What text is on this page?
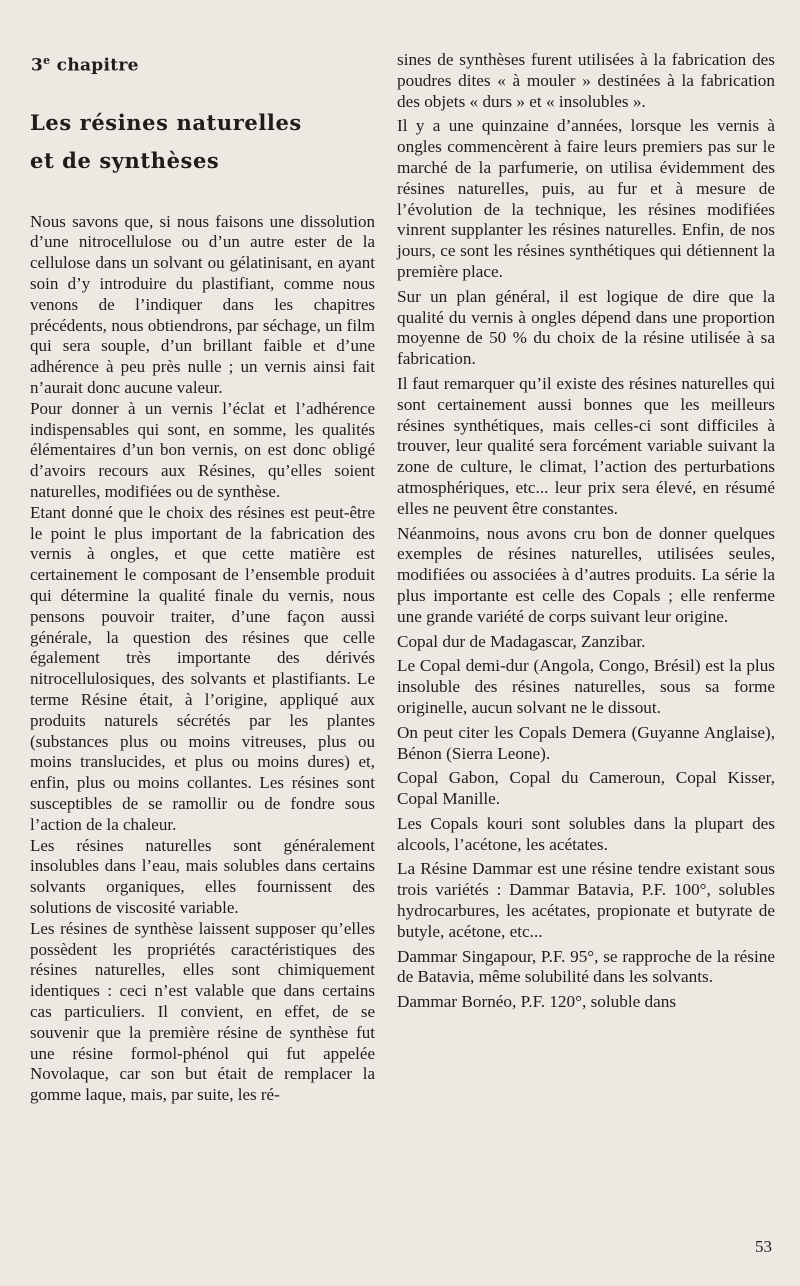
3e chapitre
Les résines naturelles
et de synthèses

Nous savons que, si nous faisons une dissolution d’une nitrocellulose ou d’un autre ester de la cellulose dans un solvant ou gélatinisant, en ayant soin d’y introduire du plastifiant, comme nous venons de l’indiquer dans les chapitres précédents, nous obtiendrons, par séchage, un film qui sera souple, d’un brillant faible et d’une adhérence à peu près nulle ; un vernis ainsi fait n’aurait donc aucune valeur.

Pour donner à un vernis l’éclat et l’adhérence indispensables qui sont, en somme, les qualités élémentaires d’un bon vernis, on est donc obligé d’avoirs recours aux Résines, qu’elles soient naturelles, modifiées ou de synthèse.

Etant donné que le choix des résines est peut-être le point le plus important de la fabrication des vernis à ongles, et que cette matière est certainement le composant de l’ensemble produit qui détermine la qualité finale du vernis, nous pensons pouvoir traiter, d’une façon aussi générale, la question des résines que celle également très importante des dérivés nitrocellulosiques, des solvants et plastifiants. Le terme Résine était, à l’origine, appliqué aux produits naturels sécrétés par les plantes (substances plus ou moins vitreuses, plus ou moins translucides, et plus ou moins dures) et, enfin, plus ou moins collantes. Les résines sont susceptibles de se ramollir ou de fondre sous l’action de la chaleur.

Les résines naturelles sont généralement insolubles dans l’eau, mais solubles dans certains solvants organiques, elles fournissent des solutions de viscosité variable.

Les résines de synthèse laissent supposer qu’elles possèdent les propriétés caractéristiques des résines naturelles, elles sont chimiquement identiques : ceci n’est valable que dans certains cas particuliers. Il convient, en effet, de se souvenir que la première résine de synthèse fut une résine formol-phénol qui fut appelée Novolaque, car son but était de remplacer la gomme laque, mais, par suite, les ré-

sines de synthèses furent utilisées à la fabrication des poudres dites « à mouler » destinées à la fabrication des objets « durs » et « insolubles ».

Il y a une quinzaine d’années, lorsque les vernis à ongles commencèrent à faire leurs premiers pas sur le marché de la parfumerie, on utilisa évidemment des résines naturelles, puis, au fur et à mesure de l’évolution de la technique, les résines modifiées vinrent supplanter les résines naturelles. Enfin, de nos jours, ce sont les résines synthétiques qui détiennent la première place.

Sur un plan général, il est logique de dire que la qualité du vernis à ongles dépend dans une proportion moyenne de 50 % du choix de la résine utilisée à sa fabrication.

Il faut remarquer qu’il existe des résines naturelles qui sont certainement aussi bonnes que les meilleurs résines synthétiques, mais celles-ci sont difficiles à trouver, leur qualité sera forcément variable suivant la zone de culture, le climat, l’action des perturbations atmosphériques, etc... leur prix sera élevé, en résumé elles ne peuvent être constantes.

Néanmoins, nous avons cru bon de donner quelques exemples de résines naturelles, utilisées seules, modifiées ou associées à d’autres produits. La série la plus importante est celle des Copals ; elle renferme une grande variété de corps suivant leur origine.

Copal dur de Madagascar, Zanzibar.

Le Copal demi-dur (Angola, Congo, Brésil) est la plus insoluble des résines naturelles, sous sa forme originelle, aucun solvant ne le dissout.

On peut citer les Copals Demera (Guyanne Anglaise), Bénon (Sierra Leone).

Copal Gabon, Copal du Cameroun, Copal Kisser, Copal Manille.

Les Copals kouri sont solubles dans la plupart des alcools, l’acétone, les acétates.

La Résine Dammar est une résine tendre existant sous trois variétés : Dammar Batavia, P.F. 100°, solubles hydrocarbures, les acétates, propionate et butyrate de butyle, acétone, etc...

Dammar Singapour, P.F. 95°, se rapproche de la résine de Batavia, même solubilité dans les solvants.

Dammar Bornéo, P.F. 120°, soluble dans

53
